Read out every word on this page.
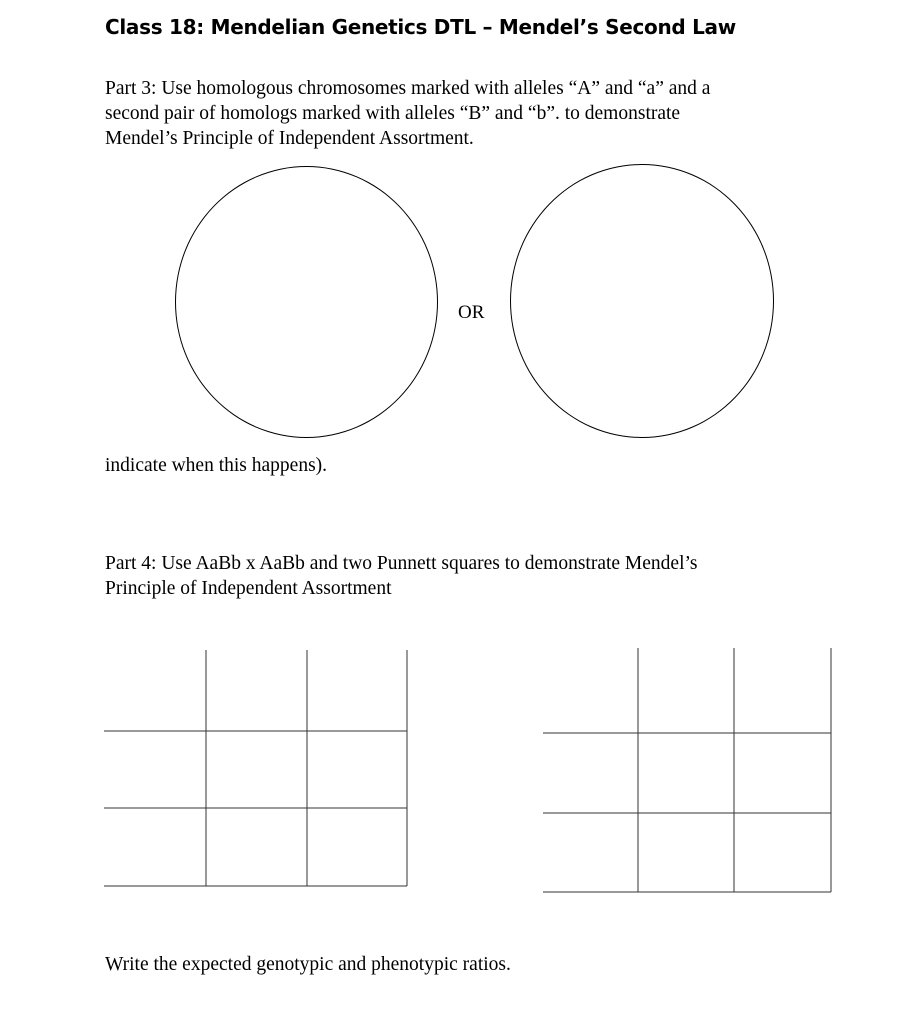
Class 18: Mendelian Genetics DTL – Mendel’s Second Law
Part 3: Use homologous chromosomes marked with alleles “A” and “a” and a
second pair of homologs marked with alleles “B” and “b”. to demonstrate
Mendel’s Principle of Independent Assortment.
OR
indicate when this happens).
Part 4: Use AaBb x AaBb and two Punnett squares to demonstrate Mendel’s
Principle of Independent Assortment
Write the expected genotypic and phenotypic ratios.
